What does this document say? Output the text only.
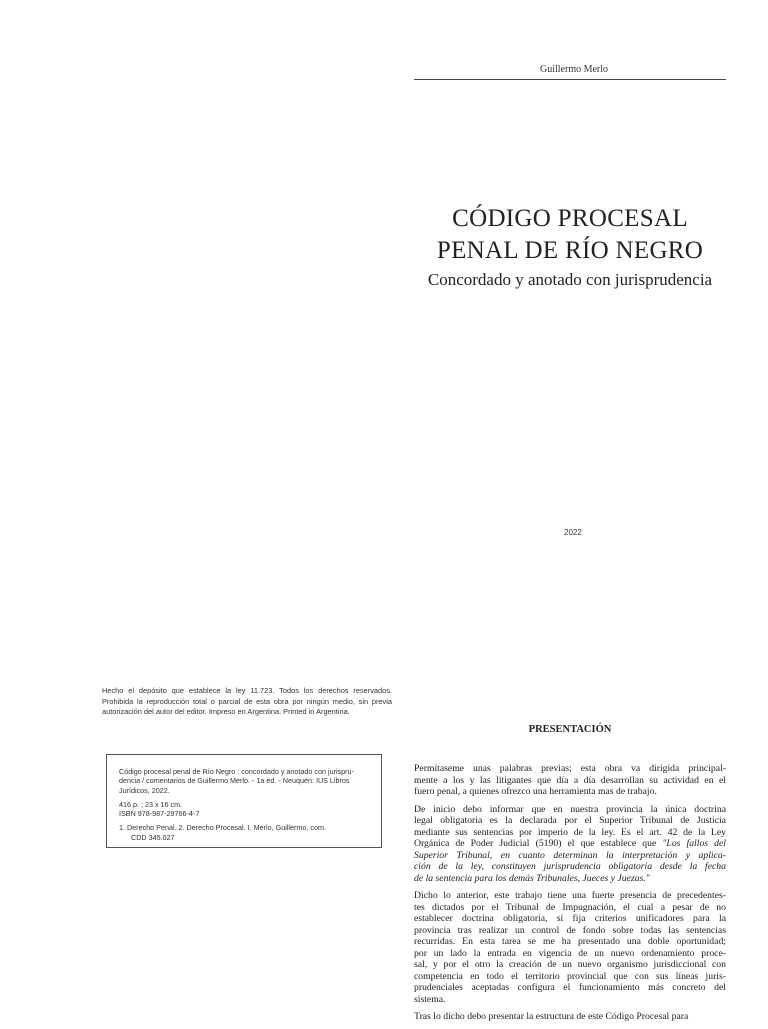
Guillermo Merlo
CÓDIGO PROCESAL
PENAL DE RÍO NEGRO
Concordado y anotado con jurisprudencia
2022
Hecho el depósito que establece la ley 11.723. Todos los derechos reservados. Prohibida la reproducción total o parcial de esta obra por ningún medio, sin previa autorización del autor del editor. Impreso en Argentina. Printed in Argentina.

Código procesal penal de Río Negro : concordado y anotado con jurispru-
dencia / comentarios de Guillermo Merlo. - 1a ed. - Neuquén: IUS Libros
Jurídicos, 2022.

416 p. ; 23 x 16 cm.
ISBN 978-987-29766-4-7

1. Derecho Penal. 2. Derecho Procesal. I. Merlo, Guillermo, com.
CDD 345.027

PRESENTACIÓN

Permítaseme unas palabras previas; esta obra va dirigida principal-
mente a los y las litigantes que día a día desarrollan su actividad en el
fuero penal, a quienes ofrezco una herramienta mas de trabajo.

De inicio debo informar que en nuestra provincia la única doctrina
legal obligatoria es la declarada por el Superior Tribunal de Justicia
mediante sus sentencias por imperio de la ley. Es el art. 42 de la Ley
Orgánica de Poder Judicial (5190) el que establece que "Los fallos del
Superior Tribunal, en cuanto determinan la interpretación y aplica-
ción de la ley, constituyen jurisprudencia obligatoria desde la fecha
de la sentencia para los demás Tribunales, Jueces y Juezas."

Dicho lo anterior, este trabajo tiene una fuerte presencia de precedentes-
tes dictados por el Tribunal de Impugnación, el cual a pesar de no
establecer doctrina obligatoria, sí fija criterios unificadores para la
provincia tras realizar un control de fondo sobre todas las sentencias
recurridas. En esta tarea se me ha presentado una doble oportunidad;
por un lado la entrada en vigencia de un nuevo ordenamiento proce-
sal, y por el otro la creación de un nuevo organismo jurisdiccional con
competencia en todo el territorio provincial que con sus líneas juris-
prudenciales aceptadas configura el funcionamiento más concreto del
sistema.

Tras lo dicho debo presentar la estructura de este Código Procesal para
